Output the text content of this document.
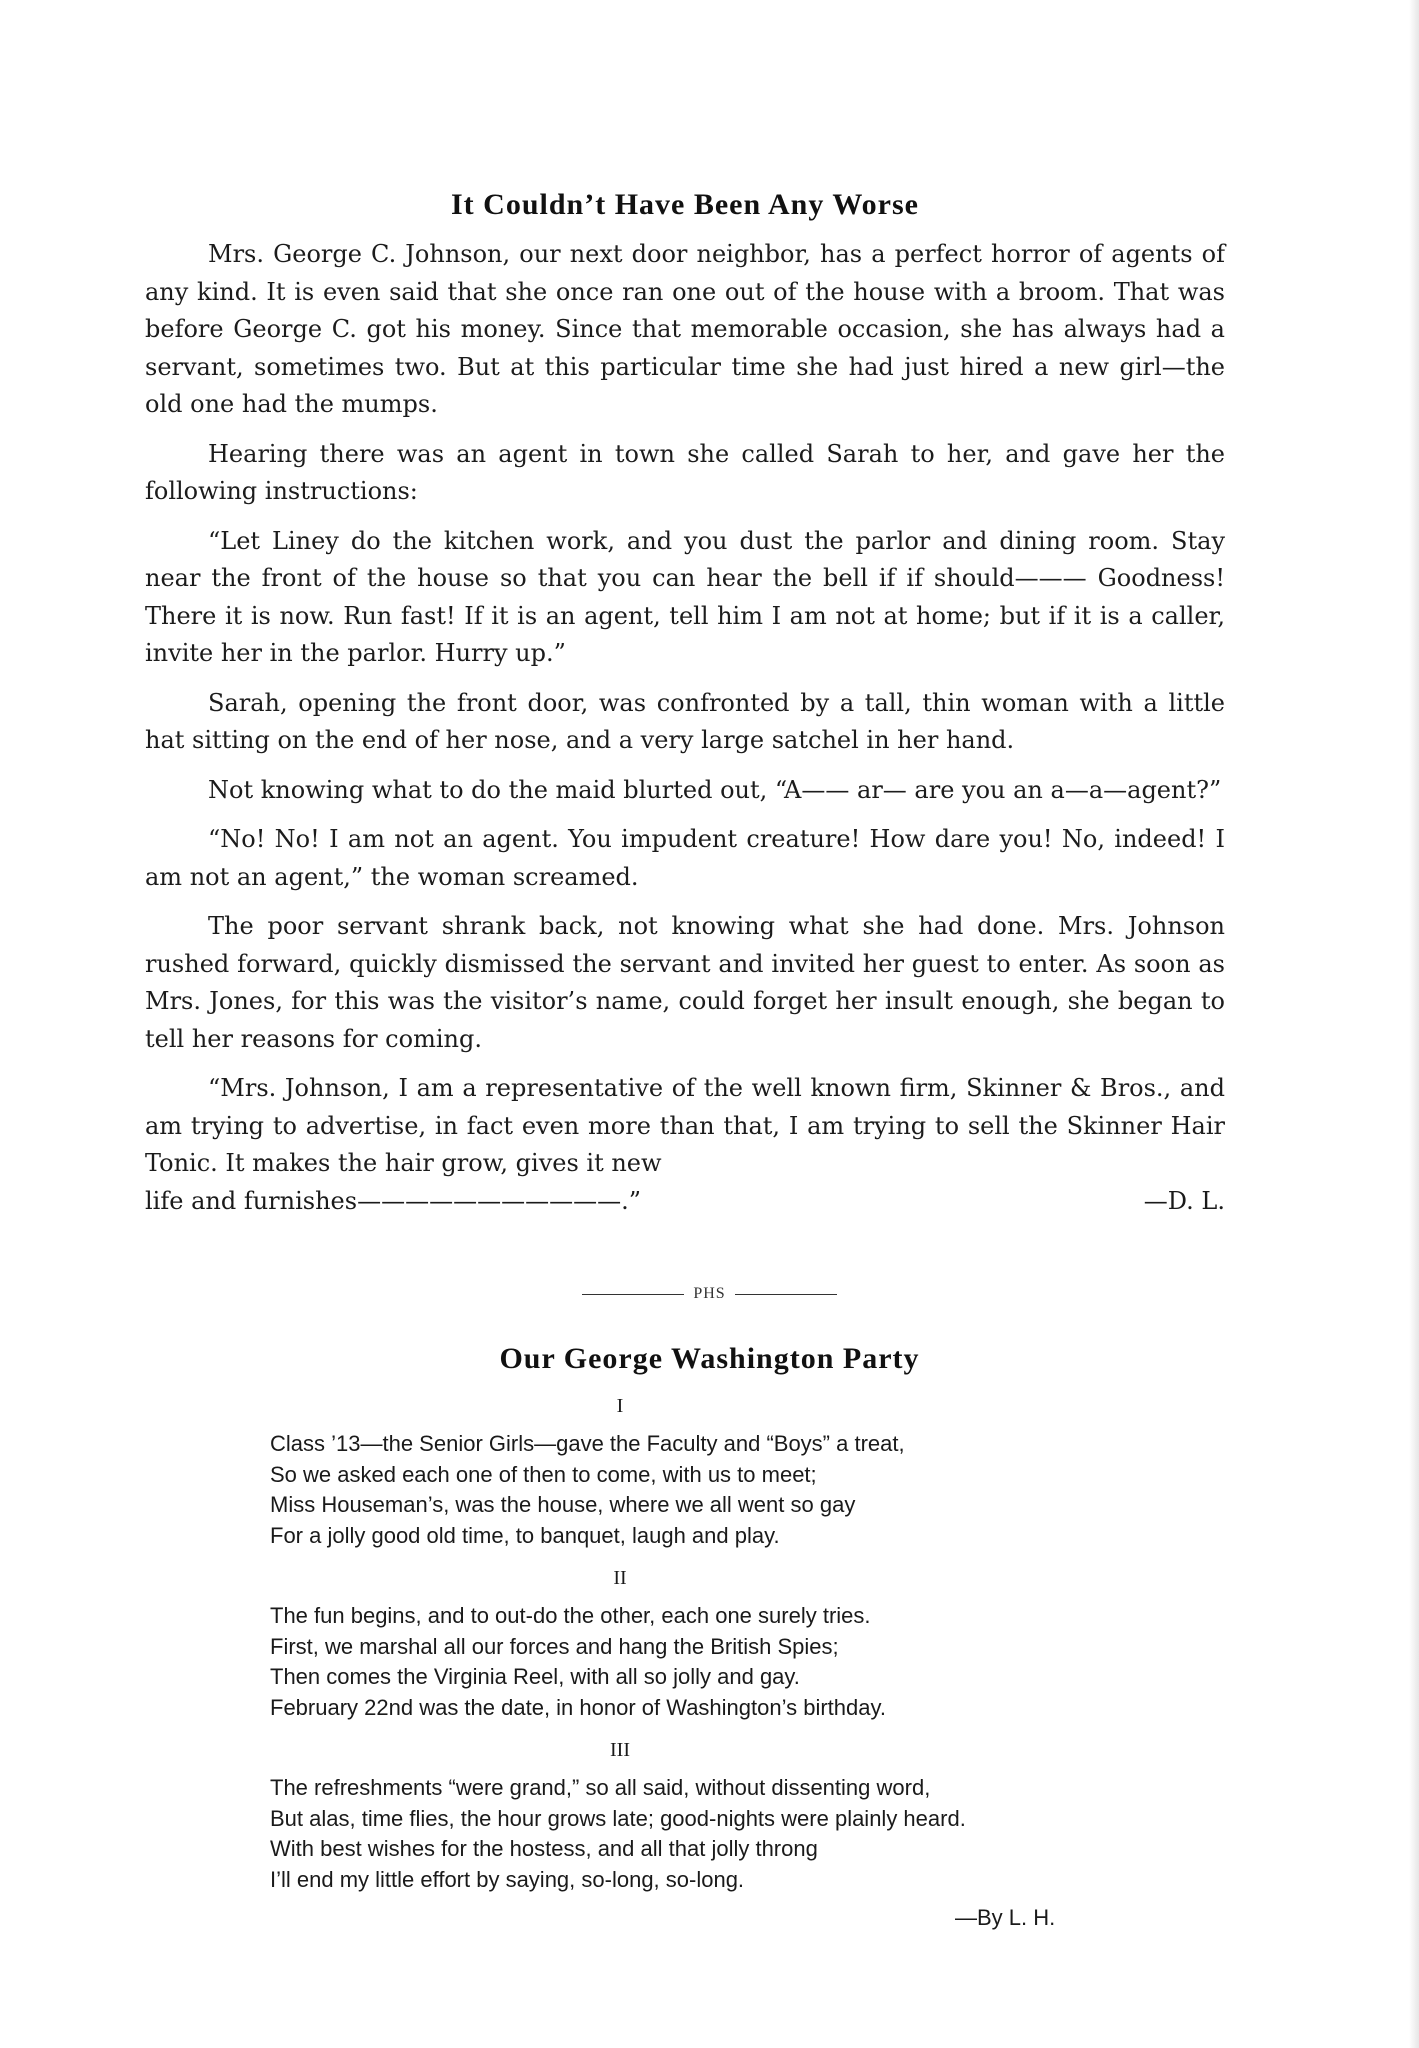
It Couldn’t Have Been Any Worse

Mrs. George C. Johnson, our next door neighbor, has a perfect horror of agents of any kind. It is even said that she once ran one out of the house with a broom. That was before George C. got his money. Since that memorable occasion, she has always had a servant, sometimes two. But at this particular time she had just hired a new girl—the old one had the mumps.

Hearing there was an agent in town she called Sarah to her, and gave her the following instructions:

“Let Liney do the kitchen work, and you dust the parlor and dining room. Stay near the front of the house so that you can hear the bell if if should——— Goodness! There it is now. Run fast! If it is an agent, tell him I am not at home; but if it is a caller, invite her in the parlor. Hurry up.”

Sarah, opening the front door, was confronted by a tall, thin woman with a little hat sitting on the end of her nose, and a very large satchel in her hand.

Not knowing what to do the maid blurted out, “A—— ar— are you an a—a—agent?”

“No! No! I am not an agent. You impudent creature! How dare you! No, indeed! I am not an agent,” the woman screamed.

The poor servant shrank back, not knowing what she had done. Mrs. Johnson rushed forward, quickly dismissed the servant and invited her guest to enter. As soon as Mrs. Jones, for this was the visitor’s name, could forget her insult enough, she began to tell her reasons for coming.

“Mrs. Johnson, I am a representative of the well known firm, Skinner & Bros., and am trying to advertise, in fact even more than that, I am trying to sell the Skinner Hair Tonic. It makes the hair grow, gives it new

life and furnishes———————————.”	—D. L.
PHS
Our George Washington Party
I
Class ’13—the Senior Girls—gave the Faculty and “Boys” a treat,
So we asked each one of then to come, with us to meet;
Miss Houseman’s, was the house, where we all went so gay
For a jolly good old time, to banquet, laugh and play.
II
The fun begins, and to out-do the other, each one surely tries.
First, we marshal all our forces and hang the British Spies;
Then comes the Virginia Reel, with all so jolly and gay.
February 22nd was the date, in honor of Washington’s birthday.
III
The refreshments “were grand,” so all said, without dissenting word,
But alas, time flies, the hour grows late; good-nights were plainly heard.
With best wishes for the hostess, and all that jolly throng
I’ll end my little effort by saying, so-long, so-long.
—By L. H.
